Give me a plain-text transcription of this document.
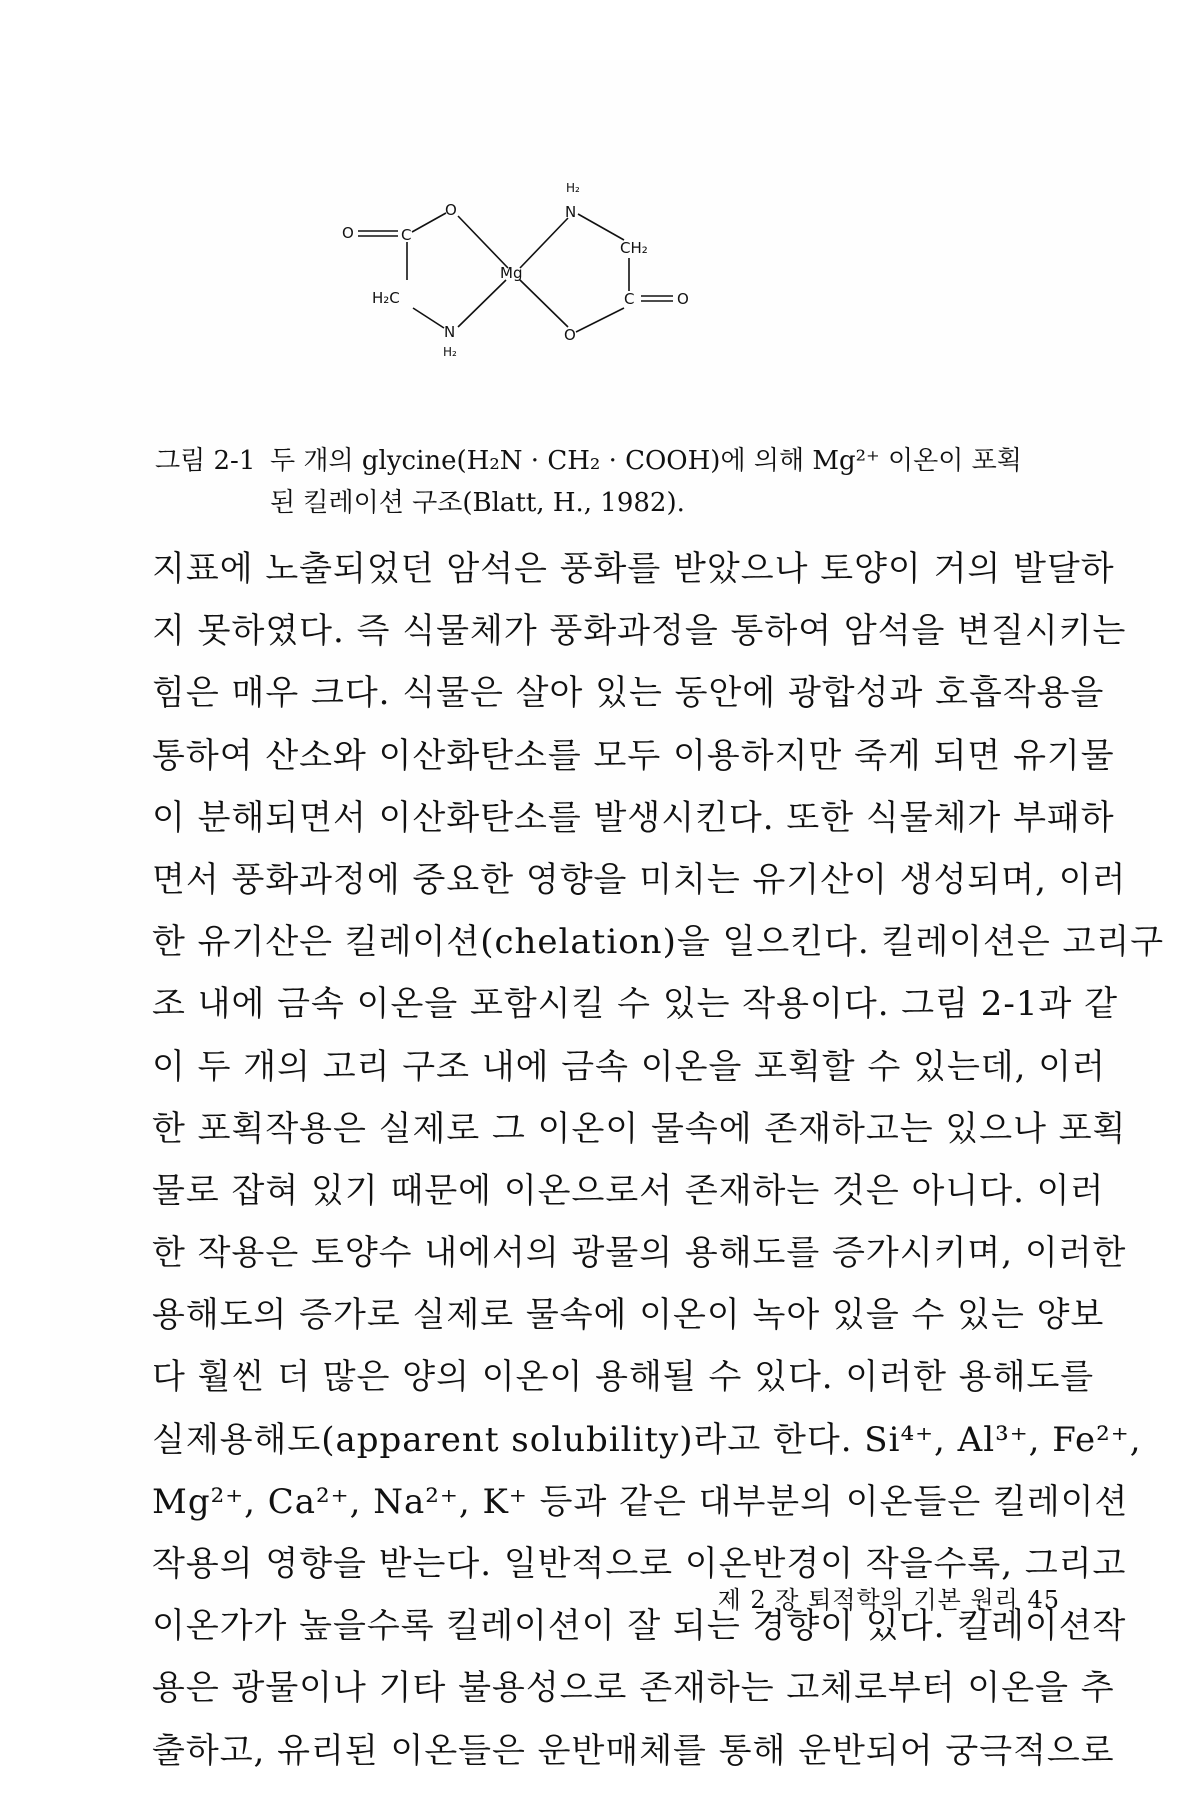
H₂
N
O
C
CH₂
Mg
H₂C	C	O
N
H₂
O
O
그림 2-1 두 개의 glycine(H₂N · CH₂ · COOH)에 의해 Mg²⁺ 이온이 포획
된 킬레이션 구조(Blatt, H., 1982).
지표에 노출되었던 암석은 풍화를 받았으나 토양이 거의 발달하
지 못하였다. 즉 식물체가 풍화과정을 통하여 암석을 변질시키는
힘은 매우 크다. 식물은 살아 있는 동안에 광합성과 호흡작용을
통하여 산소와 이산화탄소를 모두 이용하지만 죽게 되면 유기물
이 분해되면서 이산화탄소를 발생시킨다. 또한 식물체가 부패하
면서 풍화과정에 중요한 영향을 미치는 유기산이 생성되며, 이러
한 유기산은 킬레이션(chelation)을 일으킨다. 킬레이션은 고리구
조 내에 금속 이온을 포함시킬 수 있는 작용이다. 그림 2-1과 같
이 두 개의 고리 구조 내에 금속 이온을 포획할 수 있는데, 이러
한 포획작용은 실제로 그 이온이 물속에 존재하고는 있으나 포획
물로 잡혀 있기 때문에 이온으로서 존재하는 것은 아니다. 이러
한 작용은 토양수 내에서의 광물의 용해도를 증가시키며, 이러한
용해도의 증가로 실제로 물속에 이온이 녹아 있을 수 있는 양보
다 훨씬 더 많은 양의 이온이 용해될 수 있다. 이러한 용해도를
실제용해도(apparent solubility)라고 한다. Si⁴⁺, Al³⁺, Fe²⁺,
Mg²⁺, Ca²⁺, Na²⁺, K⁺ 등과 같은 대부분의 이온들은 킬레이션
작용의 영향을 받는다. 일반적으로 이온반경이 작을수록, 그리고
이온가가 높을수록 킬레이션이 잘 되는 경향이 있다. 킬레이션작
용은 광물이나 기타 불용성으로 존재하는 고체로부터 이온을 추
출하고, 유리된 이온들은 운반매체를 통해 운반되어 궁극적으로
제 2 장 퇴적학의 기본 원리 45
